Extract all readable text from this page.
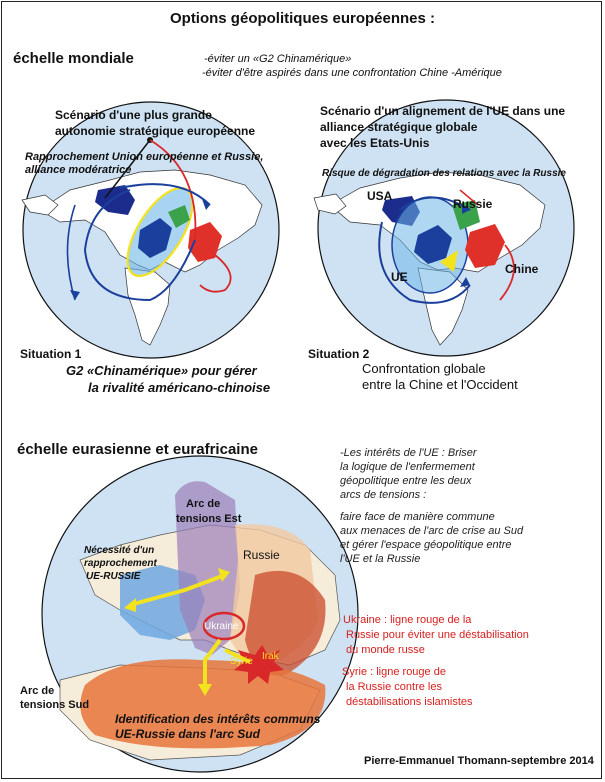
Options géopolitiques européennes :
échelle mondiale	-éviter un «G2 Chinamérique»
-éviter d'être aspirés dans une confrontation Chine -Amérique
Scénario d'une plus grande
autonomie stratégique européenne
Rapprochement Union européenne et Russie,
alliance modératrice
Situation 1
G2 «Chinamérique» pour gérer
la rivalité américano-chinoise
Scénario d'un alignement de l'UE dans une
alliance stratégique globale
avec les Etats-Unis
Risque de dégradation des relations avec la Russie
USA
Russie
UE
Chine
Situation 2
Confrontation globale
entre la Chine et l'Occident
échelle eurasienne et eurafricaine	-Les intérêts de l'UE : Briser
la logique de l'enfermement
géopolitique entre les deux
arcs de tensions :
faire face de manière commune
aux menaces de l'arc de crise au Sud
et gérer l'espace géopolitique entre
l'UE et la Russie
Ukraine : ligne rouge de la
Russie pour éviter une déstabilisation
du monde russe
Syrie : ligne rouge de
la Russie contre les
déstabilisations islamistes
Arc de
tensions Est
Russie
Nécessité d'un
rapprochement
UE-RUSSIE
Ukraine
Syrie Irak
Arc de
tensions Sud
Identification des intérêts communs
UE-Russie dans l'arc Sud
Pierre-Emmanuel Thomann-septembre 2014
